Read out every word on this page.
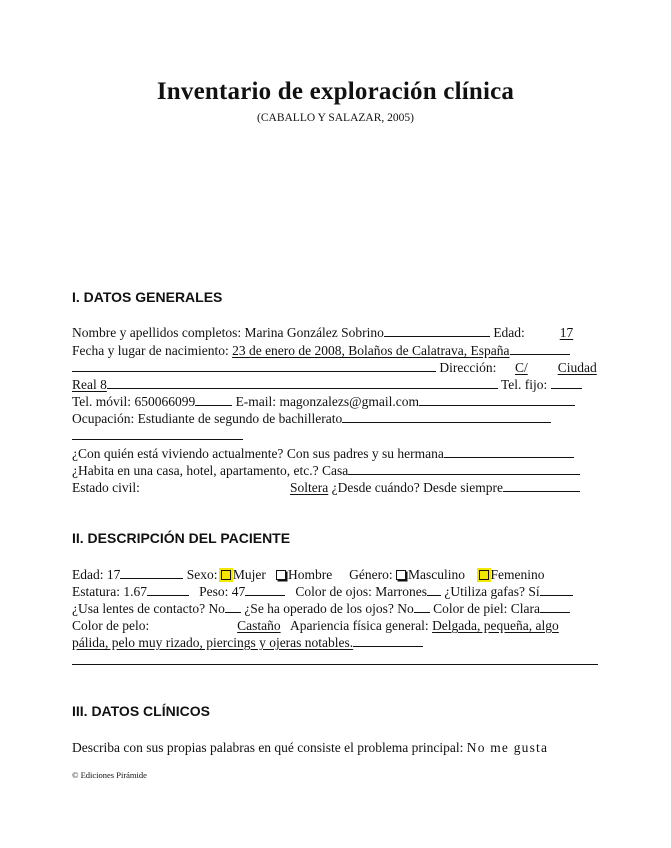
Inventario de exploración clínica
(CABALLO Y SALAZAR, 2005)
I. DATOS GENERALES
Nombre y apellidos completos: Marina González Sobrino	Edad: 17
Fecha y lugar de nacimiento: 23 de enero de 2008, Bolaños de Calatrava, España
Dirección: C/ Ciudad
Real 8	Tel. fijo:
Tel. móvil: 650066099	E-mail: magonzalezs@gmail.com
Ocupación: Estudiante de segundo de bachillerato
¿Con quién está viviendo actualmente? Con sus padres y su hermana
¿Habita en una casa, hotel, apartamento, etc.? Casa
Estado civil:	Soltera ¿Desde cuándo? Desde siempre
II. DESCRIPCIÓN DEL PACIENTE
Edad: 17	Sexo: Mujer Hombre Género: Masculino Femenino
Estatura: 1.67	Peso: 47	Color de ojos: Marrones ¿Utiliza gafas? Sí
¿Usa lentes de contacto? No ¿Se ha operado de los ojos? No Color de piel: Clara
Color de pelo:	Castaño Apariencia física general: Delgada, pequeña, algo
pálida, pelo muy rizado, piercings y ojeras notables.
III. DATOS CLÍNICOS
Describa con sus propias palabras en qué consiste el problema principal: No me gusta
© Ediciones Pirámide
